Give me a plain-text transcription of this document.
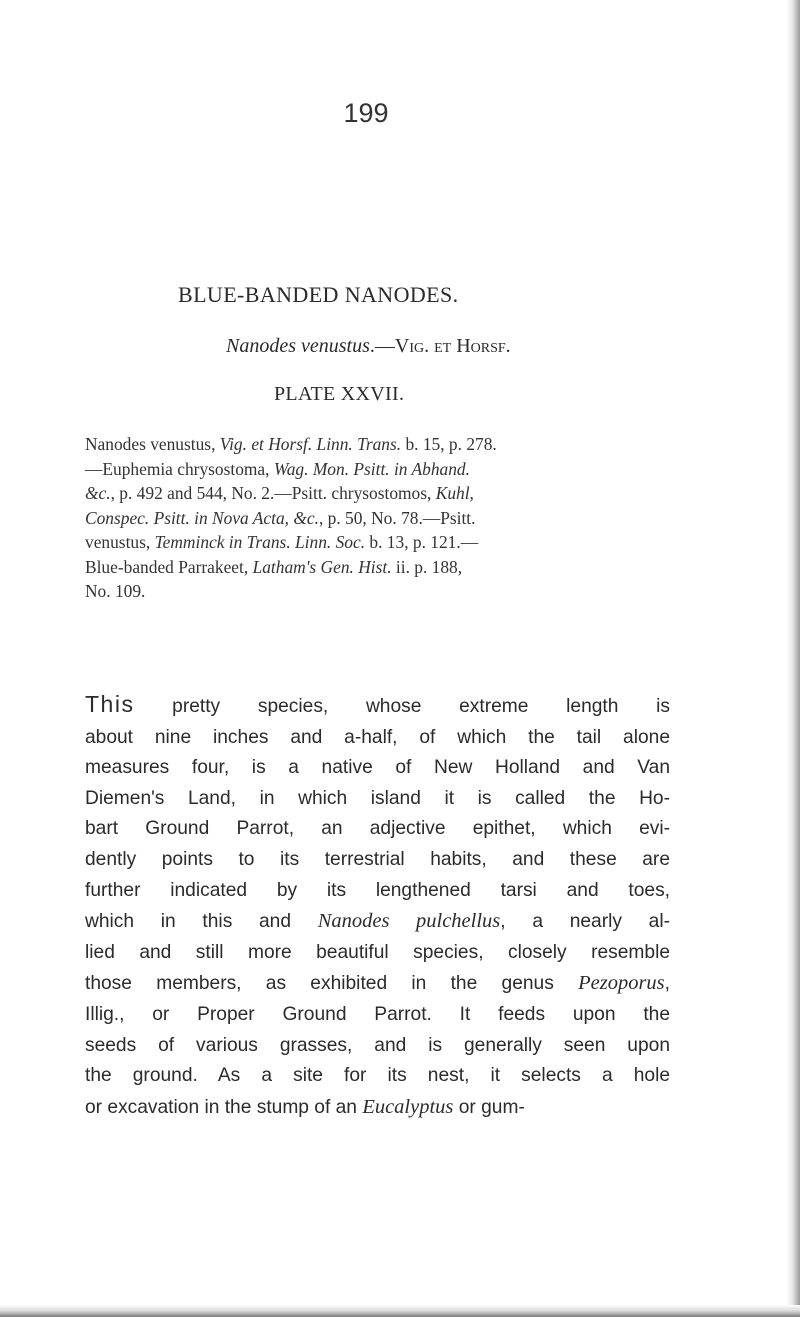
199
BLUE-BANDED NANODES.
Nanodes venustus.—Vig. et Horsf.
PLATE XXVII.

Nanodes venustus, Vig. et Horsf. Linn. Trans. b. 15, p. 278.

—Euphemia chrysostoma, Wag. Mon. Psitt. in Abhand.

&c., p. 492 and 544, No. 2.—Psitt. chrysostomos, Kuhl,

Conspec. Psitt. in Nova Acta, &c., p. 50, No. 78.—Psitt.

venustus, Temminck in Trans. Linn. Soc. b. 13, p. 121.—

Blue-banded Parrakeet, Latham's Gen. Hist. ii. p. 188,

No. 109.

This pretty species, whose extreme length is

about nine inches and a-half, of which the tail alone

measures four, is a native of New Holland and Van

Diemen's Land, in which island it is called the Ho-

bart Ground Parrot, an adjective epithet, which evi-

dently points to its terrestrial habits, and these are

further indicated by its lengthened tarsi and toes,

which in this and Nanodes pulchellus, a nearly al-

lied and still more beautiful species, closely resemble

those members, as exhibited in the genus Pezoporus,

Illig., or Proper Ground Parrot. It feeds upon the

seeds of various grasses, and is generally seen upon

the ground. As a site for its nest, it selects a hole

or excavation in the stump of an Eucalyptus or gum-
